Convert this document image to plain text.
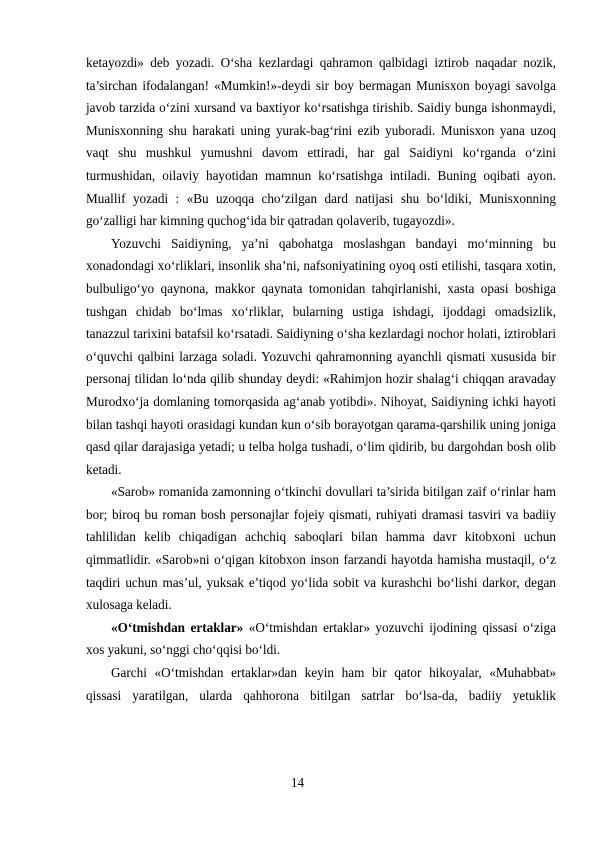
ketayozdi» deb yozadi. O‘sha kezlardagi qahramon qalbidagi iztirob naqadar nozik, ta’sirchan ifodalangan! «Mumkin!»-deydi sir boy bermagan Munisxon boyagi savolga javob tarzida o‘zini xursand va baxtiyor ko‘rsatishga tirishib. Saidiy bunga ishonmaydi, Munisxonning shu harakati uning yurak-bag‘rini ezib yuboradi. Munisxon yana uzoq vaqt shu mushkul yumushni davom ettiradi, har gal Saidiyni ko‘rganda o‘zini turmushidan, oilaviy hayotidan mamnun ko‘rsatishga intiladi. Buning oqibati ayon. Muallif yozadi : «Bu uzoqqa cho‘zilgan dard natijasi shu bo‘ldiki, Munisxonning go‘zalligi har kimning quchog‘ida bir qatradan qolaverib, tugayozdi».

Yozuvchi Saidiyning, ya’ni qabohatga moslashgan bandayi mo‘minning bu xonadondagi xo‘rliklari, insonlik sha’ni, nafsoniyatining oyoq osti etilishi, tasqara xotin, bulbuligo‘yo qaynona, makkor qaynata tomonidan tahqirlanishi, xasta opasi boshiga tushgan chidab bo‘lmas xo‘rliklar, bularning ustiga ishdagi, ijoddagi omadsizlik, tanazzul tarixini batafsil ko‘rsatadi. Saidiyning o‘sha kezlardagi nochor holati, iztiroblari o‘quvchi qalbini larzaga soladi. Yozuvchi qahramonning ayanchli qismati xususida bir personaj tilidan lo‘nda qilib shunday deydi: «Rahimjon hozir shalag‘i chiqqan aravaday Murodxo‘ja domlaning tomorqasida ag‘anab yotibdi». Nihoyat, Saidiyning ichki hayoti bilan tashqi hayoti orasidagi kundan kun o‘sib borayotgan qarama-qarshilik uning joniga qasd qilar darajasiga yetadi; u telba holga tushadi, o‘lim qidirib, bu dargohdan bosh olib ketadi.

«Sarob» romanida zamonning o‘tkinchi dovullari ta’sirida bitilgan zaif o‘rinlar ham bor; biroq bu roman bosh personajlar fojeiy qismati, ruhiyati dramasi tasviri va badiiy tahlilidan kelib chiqadigan achchiq saboqlari bilan hamma davr kitobxoni uchun qimmatlidir. «Sarob»ni o‘qigan kitobxon inson farzandi hayotda hamisha mustaqil, o‘z taqdiri uchun mas’ul, yuksak e’tiqod yo‘lida sobit va kurashchi bo‘lishi darkor, degan xulosaga keladi.

«O‘tmishdan ertaklar» «O‘tmishdan ertaklar» yozuvchi ijodining qissasi o‘ziga xos yakuni, so‘nggi cho‘qqisi bo‘ldi.

Garchi «O‘tmishdan ertaklar»dan keyin ham bir qator hikoyalar, «Muhabbat» qissasi yaratilgan, ularda qahhorona bitilgan satrlar bo‘lsa-da, badiiy yetuklik

14
